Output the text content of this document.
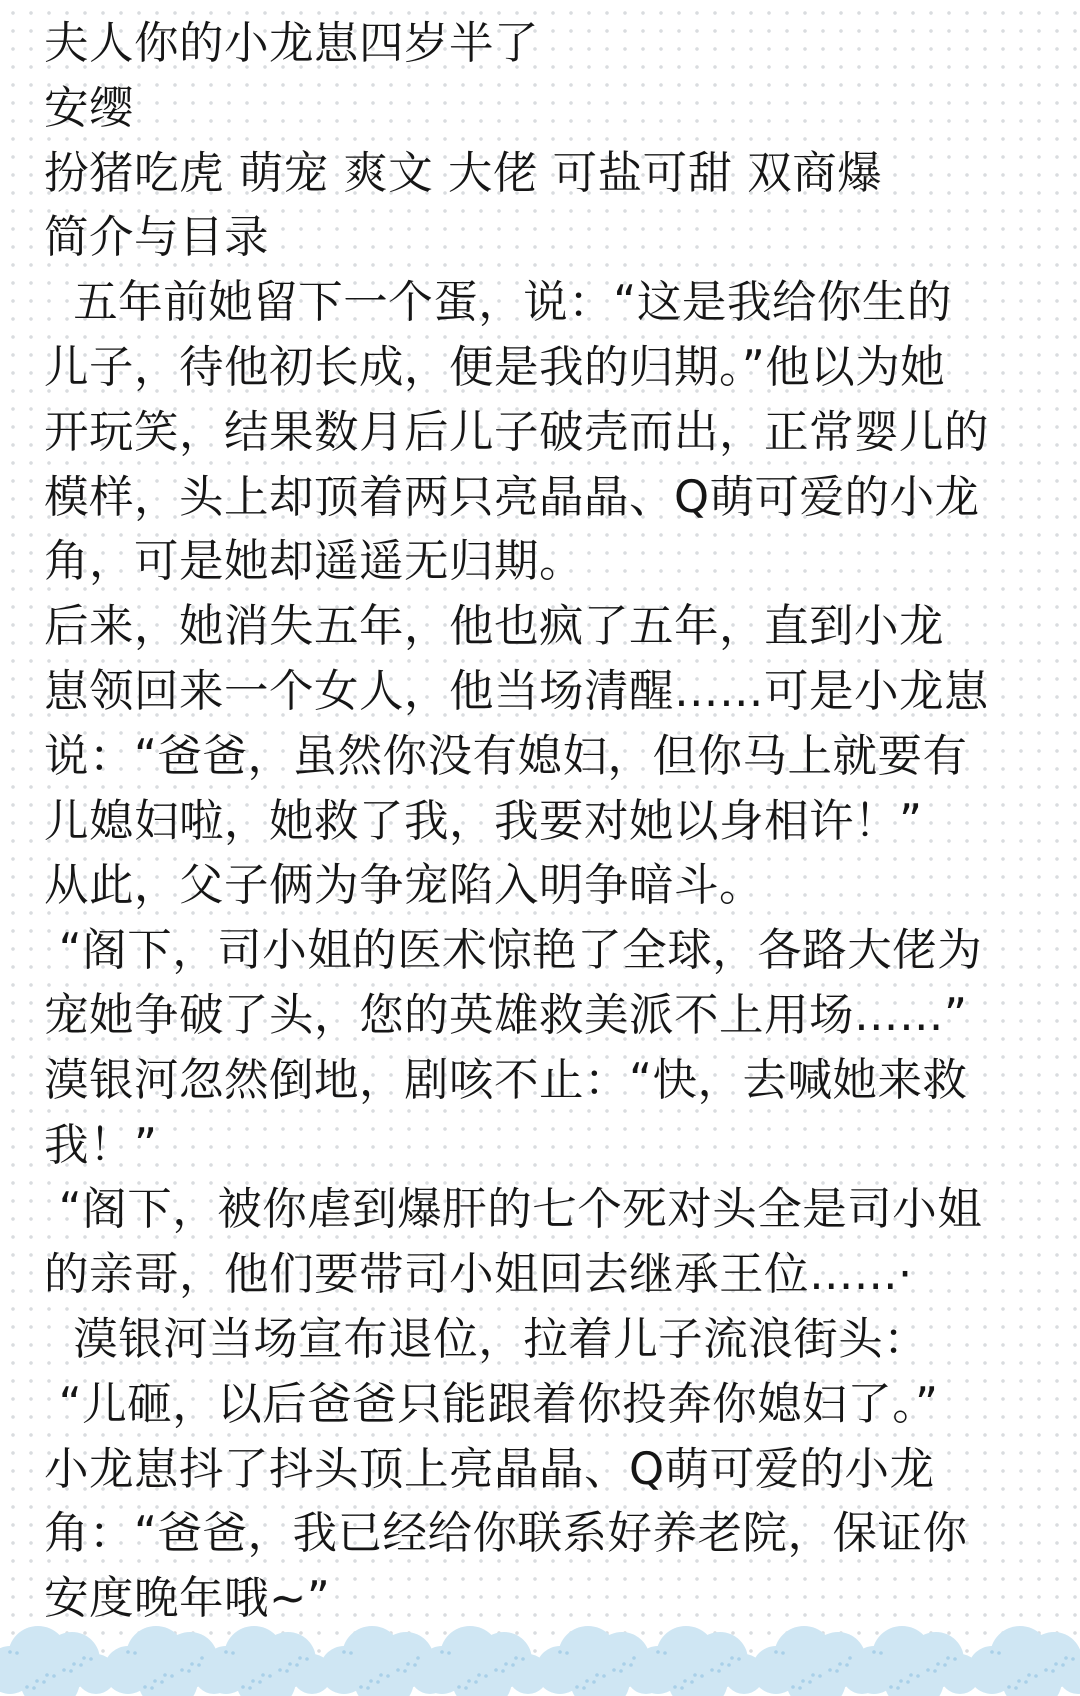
夫人你的小龙崽四岁半了
安缨
扮猪吃虎 萌宠 爽文 大佬 可盐可甜 双商爆
简介与目录
五年前她留下一个蛋，说：“这是我给你生的
儿子，待他初长成，便是我的归期。”他以为她
开玩笑，结果数月后儿子破壳而出，正常婴儿的
模样，头上却顶着两只亮晶晶、Q萌可爱的小龙
角，可是她却遥遥无归期。
后来，她消失五年，他也疯了五年，直到小龙
崽领回来一个女人，他当场清醒……可是小龙崽
说：“爸爸，虽然你没有媳妇，但你马上就要有
儿媳妇啦，她救了我，我要对她以身相许！”
从此，父子俩为争宠陷入明争暗斗。
“阁下，司小姐的医术惊艳了全球，各路大佬为
宠她争破了头，您的英雄救美派不上用场……”
漠银河忽然倒地，剧咳不止：“快，去喊她来救
我！”
“阁下，被你虐到爆肝的七个死对头全是司小姐
的亲哥，他们要带司小姐回去继承王位…...·
漠银河当场宣布退位，拉着儿子流浪街头：
“儿砸，以后爸爸只能跟着你投奔你媳妇了。”
小龙崽抖了抖头顶上亮晶晶、Q萌可爱的小龙
角：“爸爸，我已经给你联系好养老院，保证你
安度晚年哦~”
